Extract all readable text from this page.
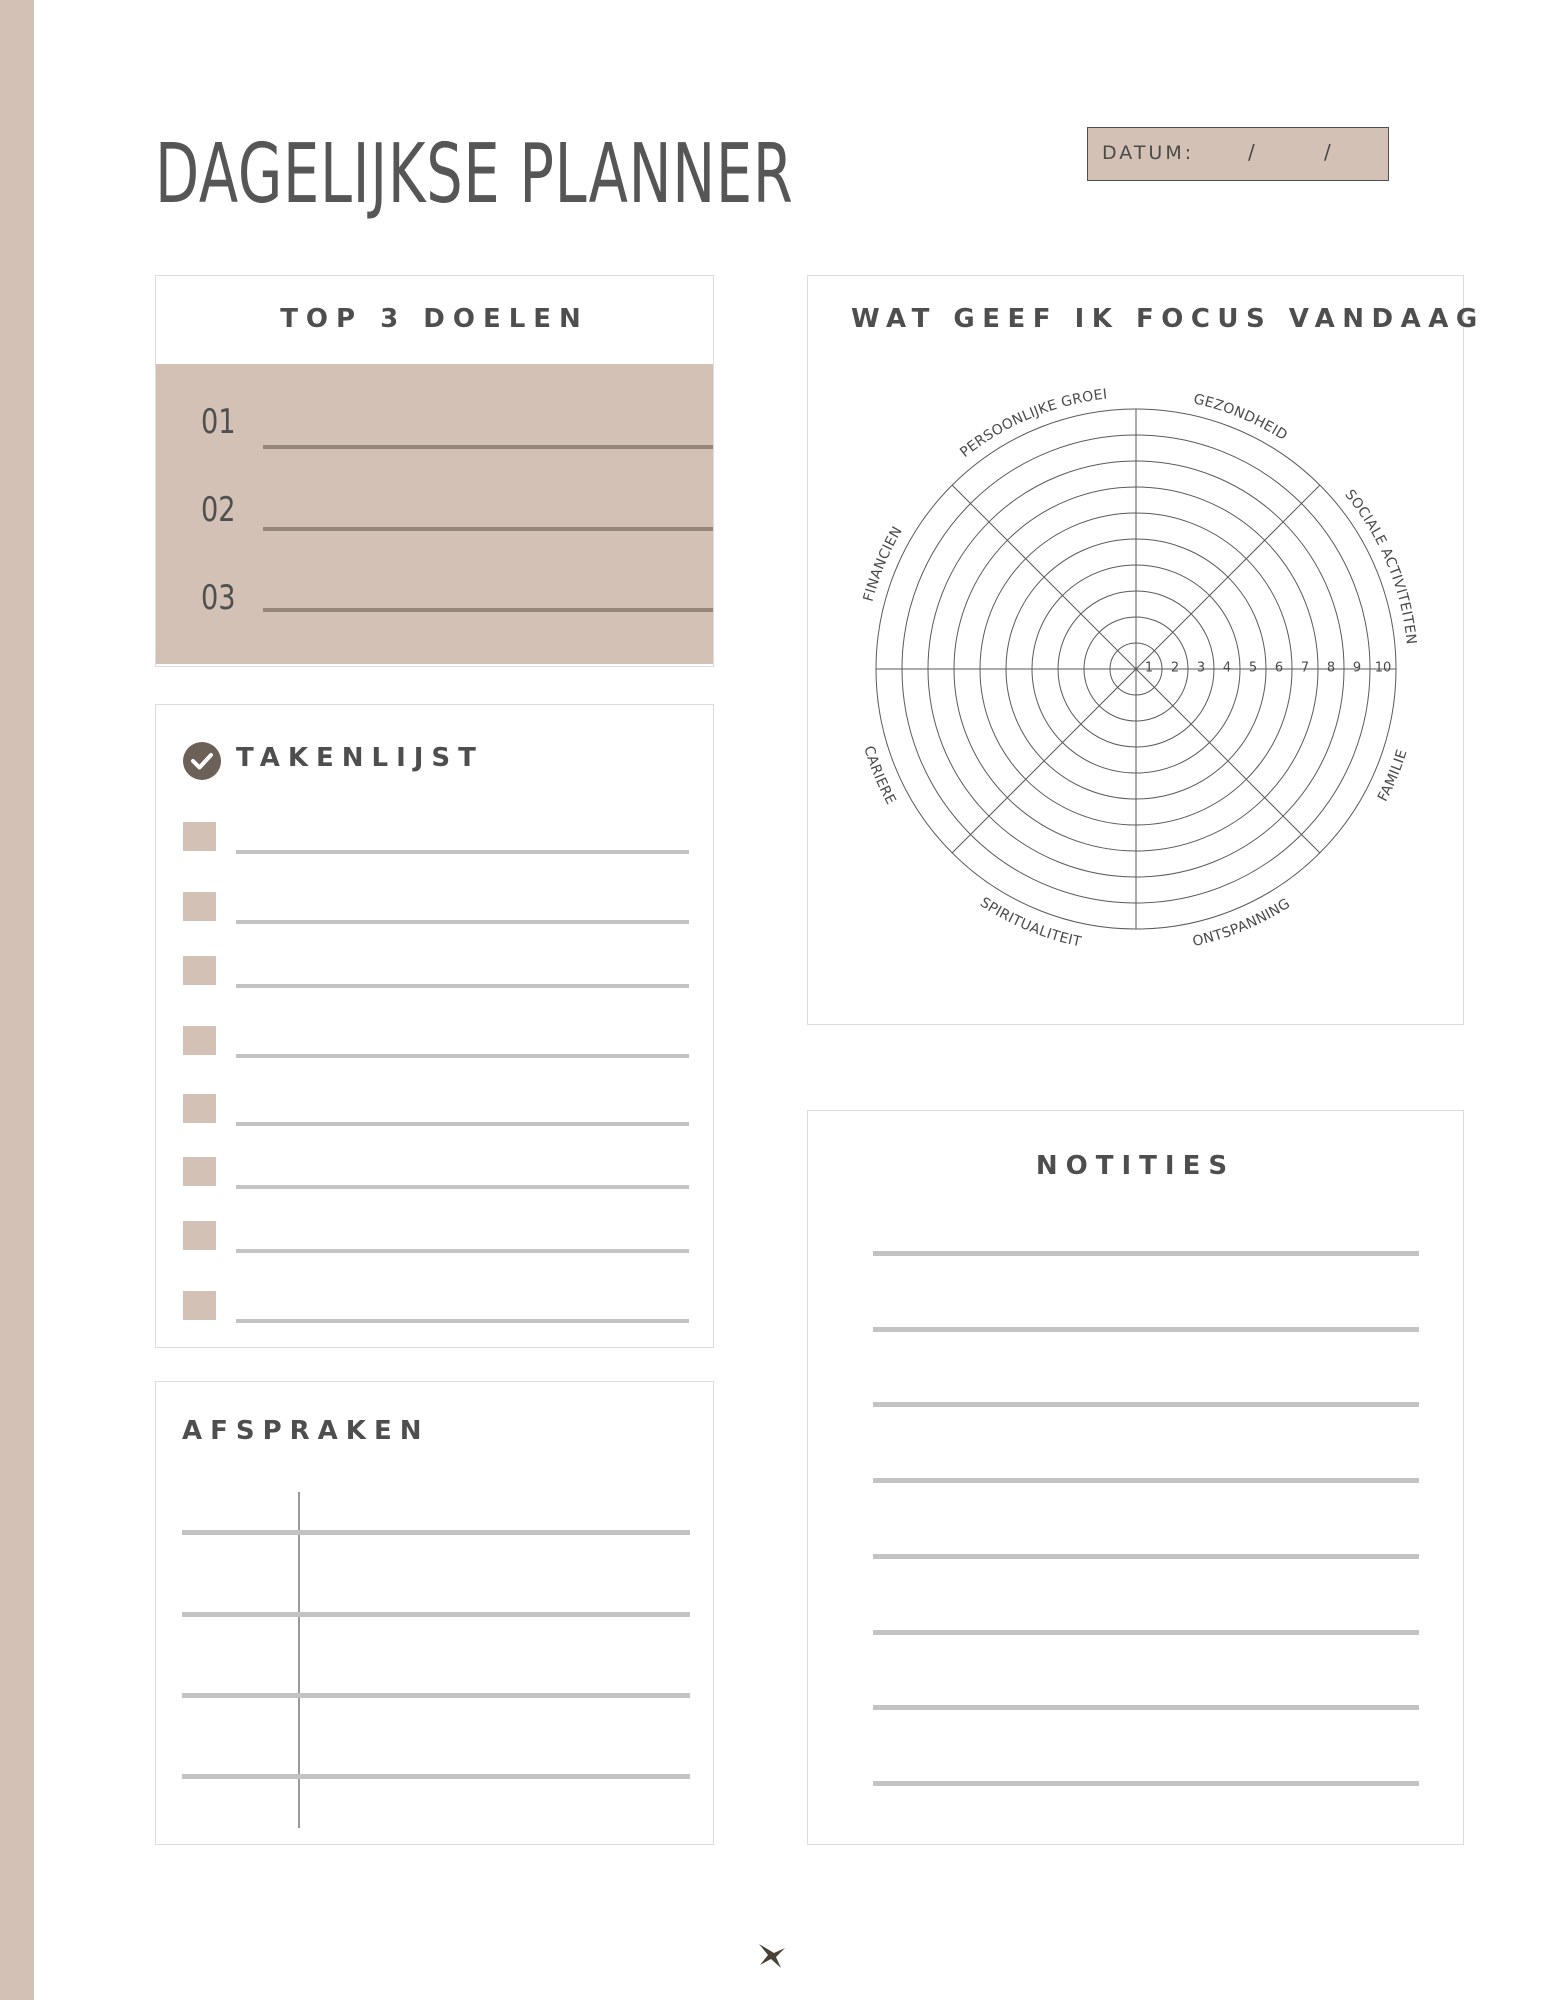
DAGELIJKSE PLANNER	DATUM:	/	/
TOP 3 DOELEN
01
02
03
TAKENLIJST
AFSPRAKEN
WAT GEEF IK FOCUS VANDAAG
1 2 3 4 5 6 7 8 9 10
PERSOONLIJKE GROEI	GEZONDHEID
SOCIALE ACTIVITEITEN
FAMILIE
ONTSPANNING
SPIRITUALITEIT
CARIERE
FINANCIEN
NOTITIES
